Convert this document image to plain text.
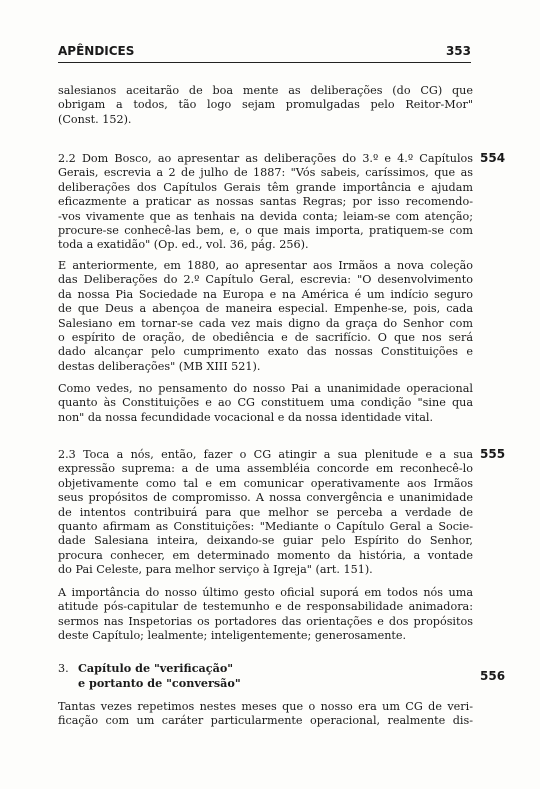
APÊNDICES	353
salesianos aceitarão de boa mente as deliberações (do CG) que
obrigam a todos, tão logo sejam promulgadas pelo Reitor-Mor"
(Const. 152).
2.2 Dom Bosco, ao apresentar as deliberações do 3.º e 4.º Capítulos
Gerais, escrevia a 2 de julho de 1887: "Vós sabeis, caríssimos, que as
deliberações dos Capítulos Gerais têm grande importância e ajudam
eficazmente a praticar as nossas santas Regras; por isso recomendo-
-vos vivamente que as tenhais na devida conta; leiam-se com atenção;
procure-se conhecê-las bem, e, o que mais importa, pratiquem-se com
toda a exatidão" (Op. ed., vol. 36, pág. 256).
554
E anteriormente, em 1880, ao apresentar aos Irmãos a nova coleção
das Deliberações do 2.º Capítulo Geral, escrevia: "O desenvolvimento
da nossa Pia Sociedade na Europa e na América é um indício seguro
de que Deus a abençoa de maneira especial. Empenhe-se, pois, cada
Salesiano em tornar-se cada vez mais digno da graça do Senhor com
o espírito de oração, de obediência e de sacrifício. O que nos será
dado alcançar pelo cumprimento exato das nossas Constituições e
destas deliberações" (MB XIII 521).
Como vedes, no pensamento do nosso Pai a unanimidade operacional
quanto às Constituições e ao CG constituem uma condição "sine qua
non" da nossa fecundidade vocacional e da nossa identidade vital.
2.3 Toca a nós, então, fazer o CG atingir a sua plenitude e a sua
expressão suprema: a de uma assembléia concorde em reconhecê-lo
objetivamente como tal e em comunicar operativamente aos Irmãos
seus propósitos de compromisso. A nossa convergência e unanimidade
de intentos contribuirá para que melhor se perceba a verdade de
quanto afirmam as Constituições: "Mediante o Capítulo Geral a Socie-
dade Salesiana inteira, deixando-se guiar pelo Espírito do Senhor,
procura conhecer, em determinado momento da história, a vontade
do Pai Celeste, para melhor serviço à Igreja" (art. 151).
555
A importância do nosso último gesto oficial suporá em todos nós uma
atitude pós-capitular de testemunho e de responsabilidade animadora:
sermos nas Inspetorias os portadores das orientações e dos propósitos
deste Capítulo; lealmente; inteligentemente; generosamente.
3. Capítulo de "verificação"
e portanto de "conversão"
556
Tantas vezes repetimos nestes meses que o nosso era um CG de veri-
ficação com um caráter particularmente operacional, realmente dis-
